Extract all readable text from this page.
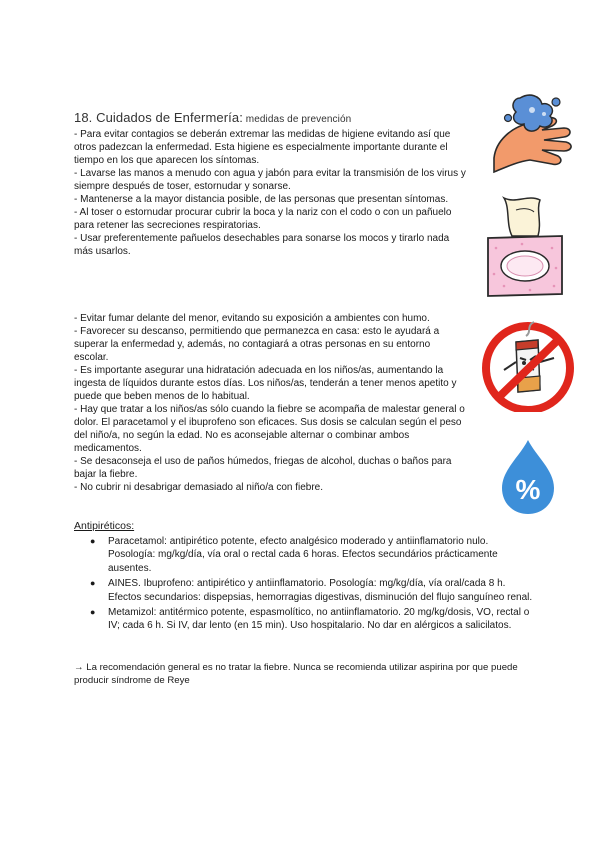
18. Cuidados de Enfermería: medidas de prevención

- Para evitar contagios se deberán extremar las medidas de higiene evitando así que otros padezcan la enfermedad. Esta higiene es especialmente importante durante el tiempo en los que aparecen los síntomas.

- Lavarse las manos a menudo con agua y jabón para evitar la transmisión de los virus y siempre después de toser, estornudar y sonarse.

- Mantenerse a la mayor distancia posible, de las personas que presentan síntomas.

- Al toser o estornudar procurar cubrir la boca y la nariz con el codo o con un pañuelo para retener las secreciones respiratorias.

- Usar preferentemente pañuelos desechables para sonarse los mocos y tirarlo nada más usarlos.

- Evitar fumar delante del menor, evitando su exposición a ambientes con humo.

- Favorecer su descanso, permitiendo que permanezca en casa: esto le ayudará a superar la enfermedad y, además, no contagiará a otras personas en su entorno escolar.

- Es importante asegurar una hidratación adecuada en los niños/as, aumentando la ingesta de líquidos durante estos días. Los niños/as, tenderán a tener menos apetito y puede que beben menos de lo habitual.

- Hay que tratar a los niños/as sólo cuando la fiebre se acompaña de malestar general o dolor. El paracetamol y el ibuprofeno son eficaces. Sus dosis se calculan según el peso del niño/a, no según la edad. No es aconsejable alternar o combinar ambos medicamentos.

- Se desaconseja el uso de paños húmedos, friegas de alcohol, duchas o baños para bajar la fiebre.

- No cubrir ni desabrigar demasiado al niño/a con fiebre.

Antipiréticos:
● Paracetamol: antipirético potente, efecto analgésico moderado y antiinflamatorio nulo. Posología: mg/kg/día, vía oral o rectal cada 6 horas. Efectos secundários prácticamente ausentes.
● AINES. Ibuprofeno: antipirético y antiinflamatorio. Posología: mg/kg/día, vía oral/cada 8 h. Efectos secundarios: dispepsias, hemorragias digestivas, disminución del flujo sanguíneo renal.
● Metamizol: antitérmico potente, espasmolítico, no antiinflamatorio. 20 mg/kg/dosis, VO, rectal o IV; cada 6 h. Si IV, dar lento (en 15 min). Uso hospitalario. No dar en alérgicos a salicilatos.

→ La recomendación general es no tratar la fiebre. Nunca se recomienda utilizar aspirina por que puede producir síndrome de Reye

%
